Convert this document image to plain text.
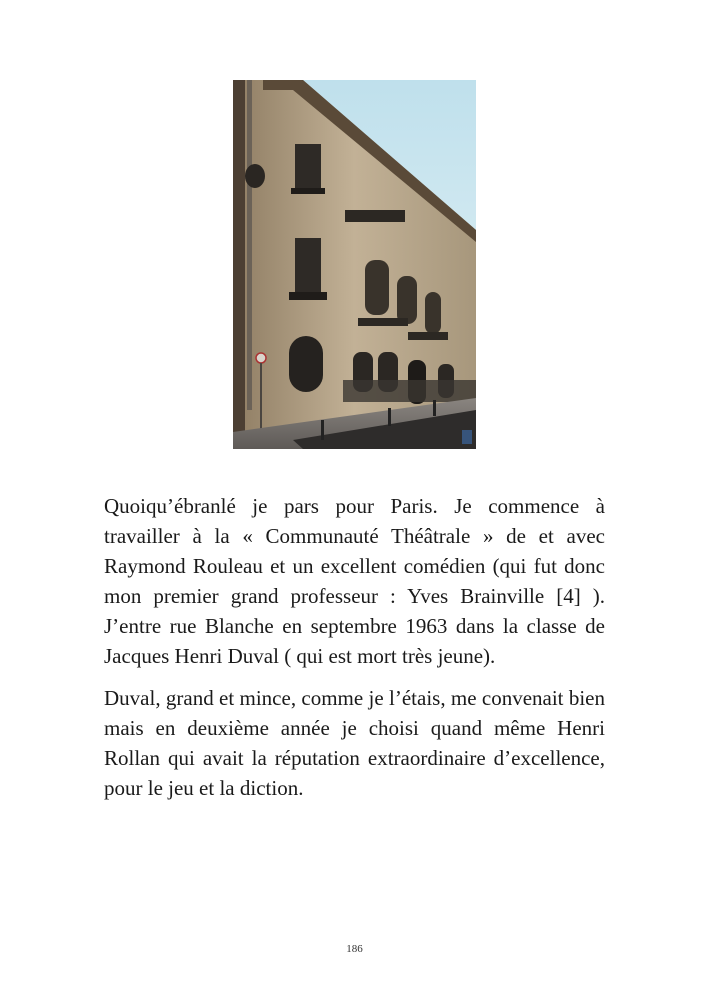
Quoiqu’ébranlé je pars pour Paris. Je commence à travailler à la « Communauté Théâtrale » de et avec Raymond Rouleau et un excellent comédien (qui fut donc mon premier grand professeur : Yves Brainville [4] ). J’entre rue Blanche en septembre 1963 dans la classe de Jacques Henri Duval ( qui est mort très jeune).

Duval, grand et mince, comme je l’étais, me convenait bien mais en deuxième année je choisi quand même Henri Rollan qui avait la réputation extraordinaire d’excellence, pour le jeu et la diction.

186
